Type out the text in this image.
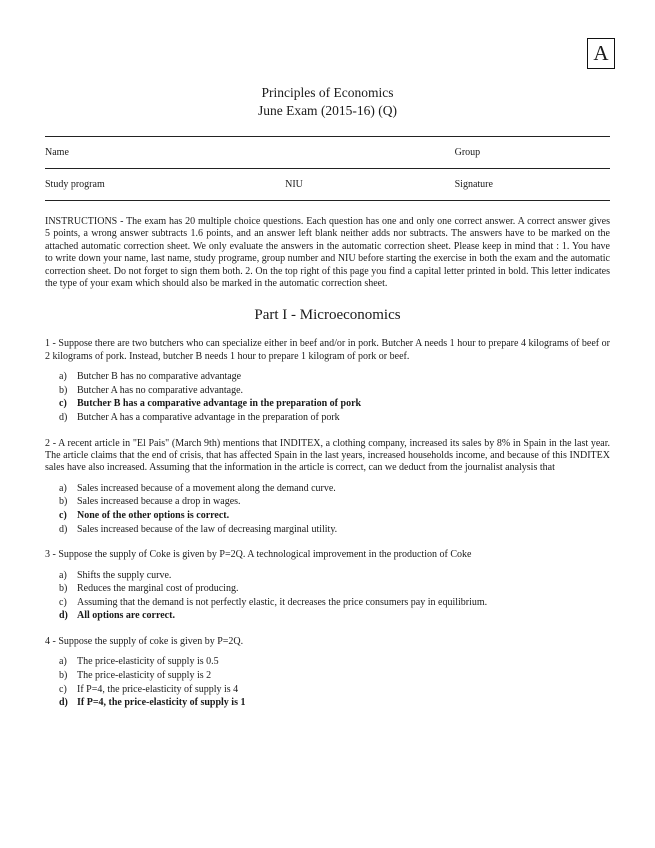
A
Principles of Economics
June Exam (2015-16) (Q)
Name	Group
Study program	NIU	Signature

INSTRUCTIONS - The exam has 20 multiple choice questions. Each question has one and only one correct answer. A correct answer gives 5 points, a wrong answer subtracts 1.6 points, and an answer left blank neither adds nor subtracts. The answers have to be marked on the attached automatic correction sheet. We only evaluate the answers in the automatic correction sheet. Please keep in mind that : 1. You have to write down your name, last name, study programe, group number and NIU before starting the exercise in both the exam and the automatic correction sheet. Do not forget to sign them both. 2. On the top right of this page you find a capital letter printed in bold. This letter indicates the type of your exam which should also be marked in the automatic correction sheet.

Part I - Microeconomics

1 - Suppose there are two butchers who can specialize either in beef and/or in pork. Butcher A needs 1 hour to prepare 4 kilograms of beef or 2 kilograms of pork. Instead, butcher B needs 1 hour to prepare 1 kilogram of pork or beef.

a)	Butcher B has no comparative advantage
b) Butcher A has no comparative advantage.
c)	Butcher B has a comparative advantage in the preparation of pork
d) Butcher A has a comparative advantage in the preparation of pork

2 - A recent article in "El Pais" (March 9th) mentions that INDITEX, a clothing company, increased its sales by 8% in Spain in the last year. The article claims that the end of crisis, that has affected Spain in the last years, increased households income, and because of this INDITEX sales have also increased. Assuming that the information in the article is correct, can we deduct from the journalist analysis that

a)	Sales increased because of a movement along the demand curve.
b) Sales increased because a drop in wages.
c)	None of the other options is correct.
d) Sales increased because of the law of decreasing marginal utility.

3 - Suppose the supply of Coke is given by P=2Q. A technological improvement in the production of Coke

a)	Shifts the supply curve.
b) Reduces the marginal cost of producing.
c)	Assuming that the demand is not perfectly elastic, it decreases the price consumers pay in equilibrium.
d) All options are correct.

4 - Suppose the supply of coke is given by P=2Q.

a)	The price-elasticity of supply is 0.5
b) The price-elasticity of supply is 2
c)	If P=4, the price-elasticity of supply is 4
d) If P=4, the price-elasticity of supply is 1
